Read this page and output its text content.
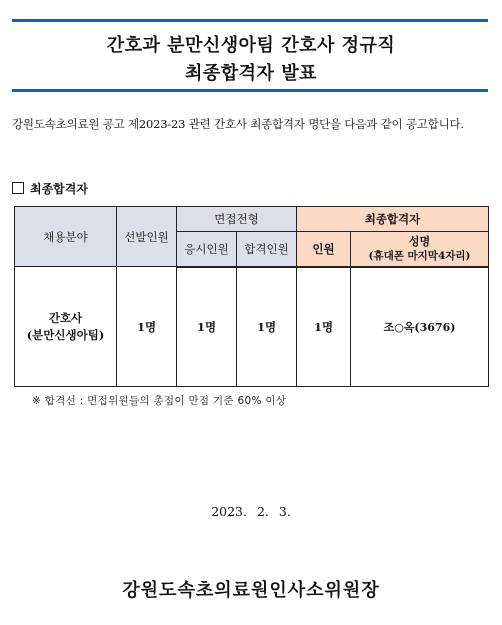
간호과 분만신생아팀 간호사 정규직
최종합격자 발표
강원도속초의료원 공고 제2023-23 관련 간호사 최종합격자 명단을 다음과 같이 공고합니다.
최종합격자
채용분야	선발인원	면접전형		최종합격자	
		응시인원	합격인원	인원	성명
(휴대폰 마지막4자리)

간호사
(분만신생아팀)	1명	1명	1명	1명	조○옥(3676)
※ 합격선 : 면접위원들의 총점이 만점 기준 60% 이상
2023. 2. 3.
강원도속초의료원인사소위원장
